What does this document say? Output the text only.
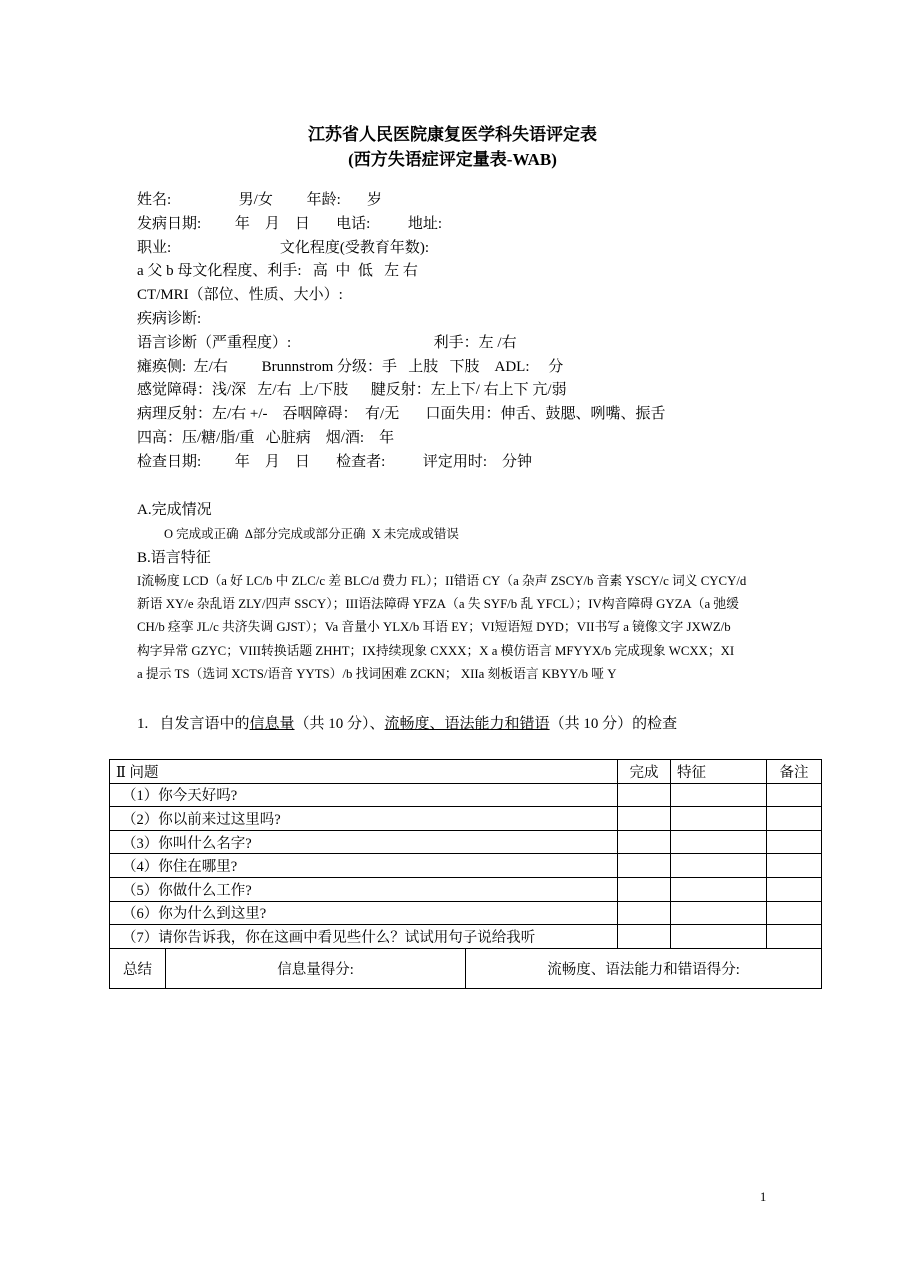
江苏省人民医院康复医学科失语评定表
(西方失语症评定量表-WAB)
姓名:                  男/女         年龄:       岁
发病日期:         年    月    日       电话:          地址:
职业:                             文化程度(受教育年数):
a 父 b 母文化程度、利手:   高  中  低   左 右
CT/MRI（部位、性质、大小）:
疾病诊断:
语言诊断（严重程度）:                                      利手：左 /右
瘫痪侧:  左/右         Brunnstrom 分级：手   上肢   下肢    ADL:     分
感觉障碍：浅/深   左/右  上/下肢      腱反射：左上下/ 右上下 亢/弱
病理反射：左/右 +/-    吞咽障碍：  有/无       口面失用：伸舌、鼓腮、咧嘴、振舌
四高：压/糖/脂/重   心脏病    烟/酒:    年
检查日期:         年    月    日       检查者:          评定用时:    分钟
A.完成情况
O 完成或正确  Δ部分完成或部分正确  X 未完成或错误
B.语言特征
I流畅度 LCD（a 好 LC/b 中 ZLC/c 差 BLC/d 费力 FL）；II错语 CY（a 杂声 ZSCY/b 音素 YSCY/c 词义 CYCY/d
新语 XY/e 杂乱语 ZLY/四声 SSCY）；III语法障碍 YFZA（a 失 SYF/b 乱 YFCL）；IV构音障碍 GYZA（a 弛缓
CH/b 痉挛 JL/c 共济失调 GJST）；Va 音量小 YLX/b 耳语 EY；VI短语短 DYD；VII书写 a 镜像文字 JXWZ/b
构字异常 GZYC；VIII转换话题 ZHHT；IX持续现象 CXXX；X a 模仿语言 MFYYX/b 完成现象 WCXX；XI
a 提示 TS（选词 XCTS/语音 YYTS）/b 找词困难 ZCKN； XIIa 刻板语言 KBYY/b 哑 Y
1. 自发言语中的信息量（共 10 分）、流畅度、语法能力和错语（共 10 分）的检查
Ⅱ 问题			完成	特征	备注
（1）你今天好吗?					
（2）你以前来过这里吗?					
（3）你叫什么名字?					
（4）你住在哪里?					
（5）你做什么工作?					
（6）你为什么到这里?					
（7）请你告诉我，你在这画中看见些什么？试试用句子说给我听					
总结	信息量得分:	流畅度、语法能力和错语得分:			
1
